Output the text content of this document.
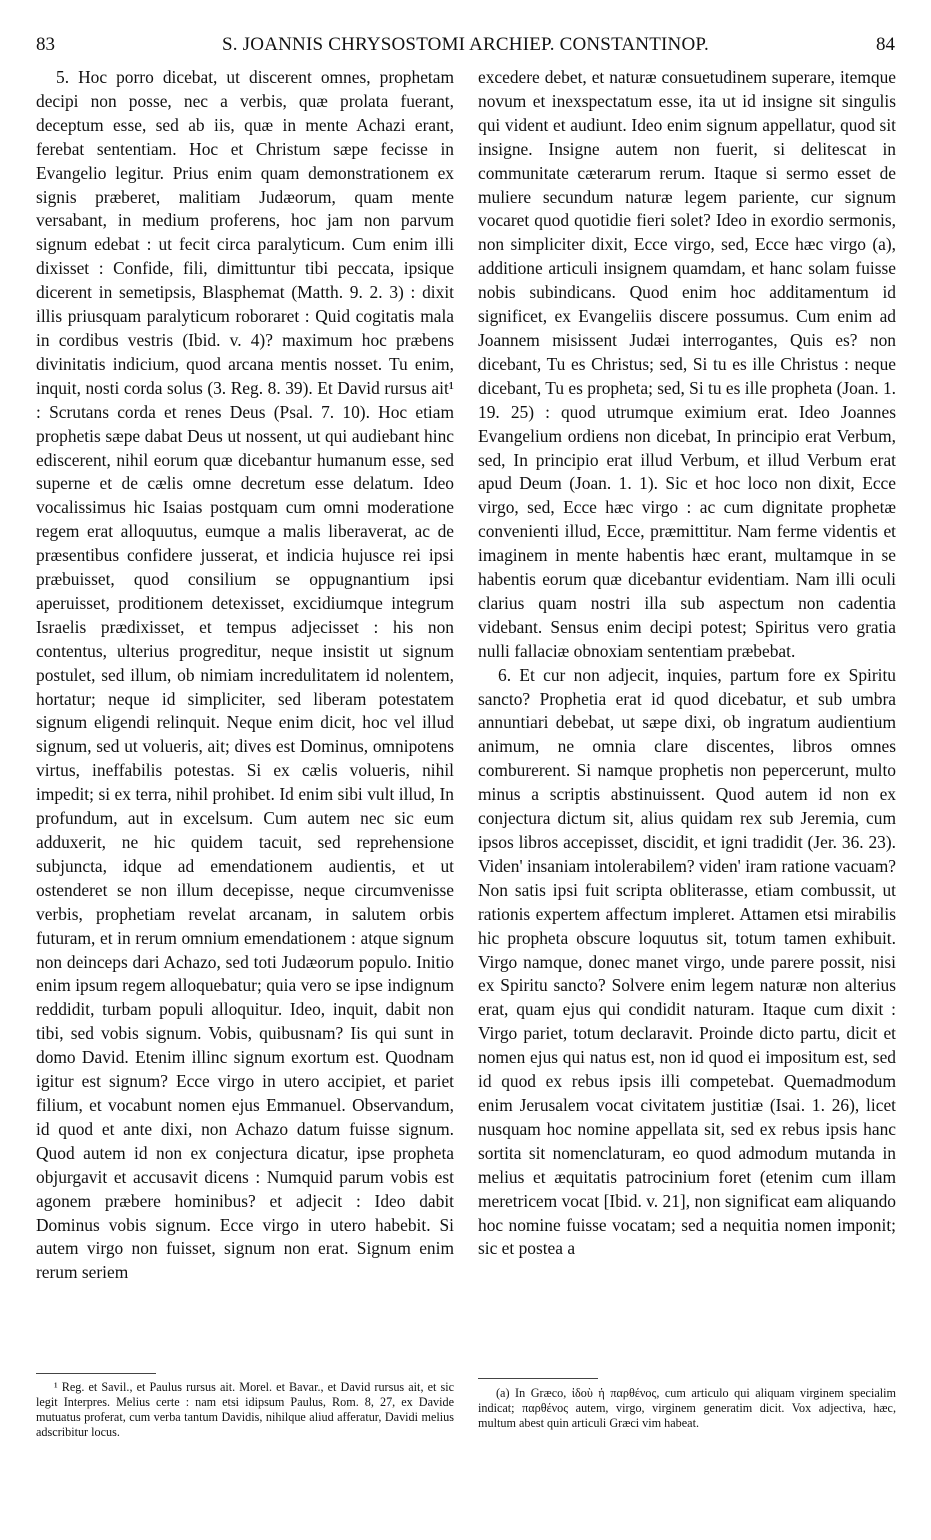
83	S. JOANNIS CHRYSOSTOMI ARCHIEP. CONSTANTINOP.	84

5. Hoc porro dicebat, ut discerent omnes, prophetam decipi non posse, nec a verbis, quæ prolata fuerant, deceptum esse, sed ab iis, quæ in mente Achazi erant, ferebat sententiam. Hoc et Christum sæpe fecisse in Evangelio legitur. Prius enim quam demonstrationem ex signis præberet, malitiam Judæorum, quam mente versabant, in medium proferens, hoc jam non parvum signum edebat : ut fecit circa paralyticum. Cum enim illi dixisset : Confide, fili, dimittuntur tibi peccata, ipsique dicerent in semetipsis, Blasphemat (Matth. 9. 2. 3) : dixit illis priusquam paralyticum roboraret : Quid cogitatis mala in cordibus vestris (Ibid. v. 4)? maximum hoc præbens divinitatis indicium, quod arcana mentis nosset. Tu enim, inquit, nosti corda solus (3. Reg. 8. 39). Et David rursus ait¹ : Scrutans corda et renes Deus (Psal. 7. 10). Hoc etiam prophetis sæpe dabat Deus ut nossent, ut qui audiebant hinc ediscerent, nihil eorum quæ dicebantur humanum esse, sed superne et de cælis omne decretum esse delatum. Ideo vocalissimus hic Isaias postquam cum omni moderatione regem erat alloquutus, eumque a malis liberaverat, ac de præsentibus confidere jusserat, et indicia hujusce rei ipsi præbuisset, quod consilium se oppugnantium ipsi aperuisset, proditionem detexisset, excidiumque integrum Israelis prædixisset, et tempus adjecisset : his non contentus, ulterius progreditur, neque insistit ut signum postulet, sed illum, ob nimiam incredulitatem id nolentem, hortatur; neque id simpliciter, sed liberam potestatem signum eligendi relinquit. Neque enim dicit, hoc vel illud signum, sed ut volueris, ait; dives est Dominus, omnipotens virtus, ineffabilis potestas. Si ex cælis volueris, nihil impedit; si ex terra, nihil prohibet. Id enim sibi vult illud, In profundum, aut in excelsum. Cum autem nec sic eum adduxerit, ne hic quidem tacuit, sed reprehensione subjuncta, idque ad emendationem audientis, et ut ostenderet se non illum decepisse, neque circumvenisse verbis, prophetiam revelat arcanam, in salutem orbis futuram, et in rerum omnium emendationem : atque signum non deinceps dari Achazo, sed toti Judæorum populo. Initio enim ipsum regem alloquebatur; quia vero se ipse indignum reddidit, turbam populi alloquitur. Ideo, inquit, dabit non tibi, sed vobis signum. Vobis, quibusnam? Iis qui sunt in domo David. Etenim illinc signum exortum est. Quodnam igitur est signum? Ecce virgo in utero accipiet, et pariet filium, et vocabunt nomen ejus Emmanuel. Observandum, id quod et ante dixi, non Achazo datum fuisse signum. Quod autem id non ex conjectura dicatur, ipse propheta objurgavit et accusavit dicens : Numquid parum vobis est agonem præbere hominibus? et adjecit : Ideo dabit Dominus vobis signum. Ecce virgo in utero habebit. Si autem virgo non fuisset, signum non erat. Signum enim rerum seriem

excedere debet, et naturæ consuetudinem superare, itemque novum et inexspectatum esse, ita ut id insigne sit singulis qui vident et audiunt. Ideo enim signum appellatur, quod sit insigne. Insigne autem non fuerit, si delitescat in communitate cæterarum rerum. Itaque si sermo esset de muliere secundum naturæ legem pariente, cur signum vocaret quod quotidie fieri solet? Ideo in exordio sermonis, non simpliciter dixit, Ecce virgo, sed, Ecce hæc virgo (a), additione articuli insignem quamdam, et hanc solam fuisse nobis subindicans. Quod enim hoc additamentum id significet, ex Evangeliis discere possumus. Cum enim ad Joannem misissent Judæi interrogantes, Quis es? non dicebant, Tu es Christus; sed, Si tu es ille Christus : neque dicebant, Tu es propheta; sed, Si tu es ille propheta (Joan. 1. 19. 25) : quod utrumque eximium erat. Ideo Joannes Evangelium ordiens non dicebat, In principio erat Verbum, sed, In principio erat illud Verbum, et illud Verbum erat apud Deum (Joan. 1. 1). Sic et hoc loco non dixit, Ecce virgo, sed, Ecce hæc virgo : ac cum dignitate prophetæ convenienti illud, Ecce, præmittitur. Nam ferme videntis et imaginem in mente habentis hæc erant, multamque in se habentis eorum quæ dicebantur evidentiam. Nam illi oculi clarius quam nostri illa sub aspectum non cadentia videbant. Sensus enim decipi potest; Spiritus vero gratia nulli fallaciæ obnoxiam sententiam præbebat.

6. Et cur non adjecit, inquies, partum fore ex Spiritu sancto? Prophetia erat id quod dicebatur, et sub umbra annuntiari debebat, ut sæpe dixi, ob ingratum audientium animum, ne omnia clare discentes, libros omnes comburerent. Si namque prophetis non pepercerunt, multo minus a scriptis abstinuissent. Quod autem id non ex conjectura dictum sit, alius quidam rex sub Jeremia, cum ipsos libros accepisset, discidit, et igni tradidit (Jer. 36. 23). Viden' insaniam intolerabilem? viden' iram ratione vacuam? Non satis ipsi fuit scripta obliterasse, etiam combussit, ut rationis expertem affectum impleret. Attamen etsi mirabilis hic propheta obscure loquutus sit, totum tamen exhibuit. Virgo namque, donec manet virgo, unde parere possit, nisi ex Spiritu sancto? Solvere enim legem naturæ non alterius erat, quam ejus qui condidit naturam. Itaque cum dixit : Virgo pariet, totum declaravit. Proinde dicto partu, dicit et nomen ejus qui natus est, non id quod ei impositum est, sed id quod ex rebus ipsis illi competebat. Quemadmodum enim Jerusalem vocat civitatem justitiæ (Isai. 1. 26), licet nusquam hoc nomine appellata sit, sed ex rebus ipsis hanc sortita sit nomenclaturam, eo quod admodum mutanda in melius et æquitatis patrocinium foret (etenim cum illam meretricem vocat [Ibid. v. 21], non significat eam aliquando hoc nomine fuisse vocatam; sed a nequitia nomen imponit; sic et postea a

¹ Reg. et Savil., et Paulus rursus ait. Morel. et Bavar., et David rursus ait, et sic legit Interpres. Melius certe : nam etsi idipsum Paulus, Rom. 8, 27, ex Davide mutuatus proferat, cum verba tantum Davidis, nihilque aliud afferatur, Davidi melius adscribitur locus.

(a) In Græco, ἰδοὺ ἡ παρθένος, cum articulo qui aliquam virginem specialim indicat; παρθένος autem, virgo, virginem generatim dicit. Vox adjectiva, hæc, multum abest quin articuli Græci vim habeat.
